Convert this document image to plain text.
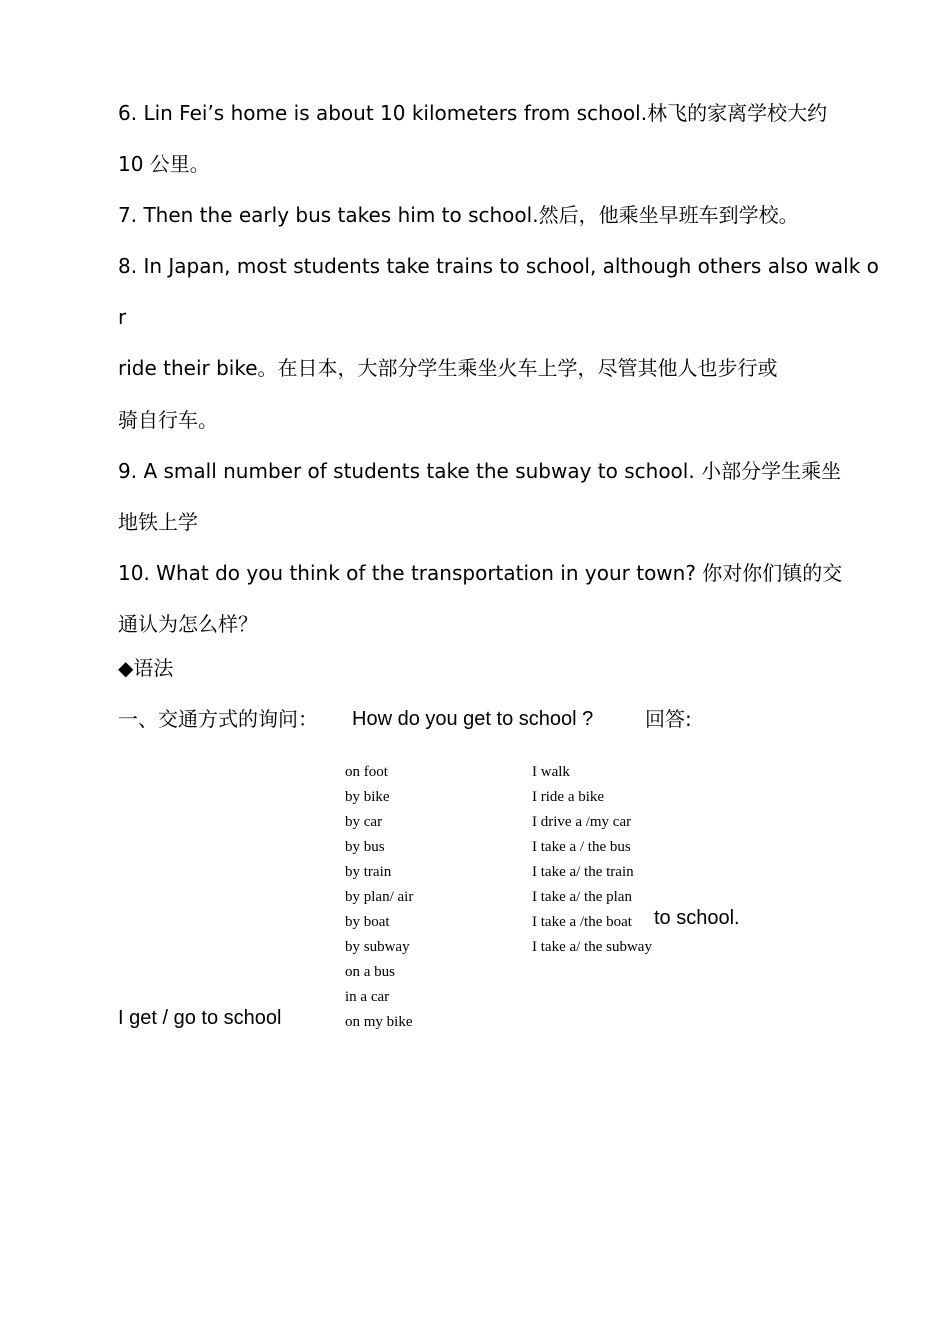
6. Lin Fei’s home is about 10 kilometers from school.林飞的家离学校大约
10 公里。
7. Then the early bus takes him to school.然后，他乘坐早班车到学校。
8. In Japan, most students take trains to school, although others also walk o
r
ride their bike。在日本，大部分学生乘坐火车上学，尽管其他人也步行或
骑自行车。
9. A small number of students take the subway to school. 小部分学生乘坐
地铁上学
10. What do you think of the transportation in your town? 你对你们镇的交
通认为怎么样？
◆语法
一、交通方式的询问： How do you get to school ?	回答:
on foot
by bike
by car
by bus
by train
by plan/ air
by boat
by subway
on a bus
in a car
on my bike
I walk
I ride a bike
I drive a /my car
I take a / the bus
I take a/ the train
I take a/ the plan
I take a /the boat
I take a/ the subway
to school.
I get / go to school
